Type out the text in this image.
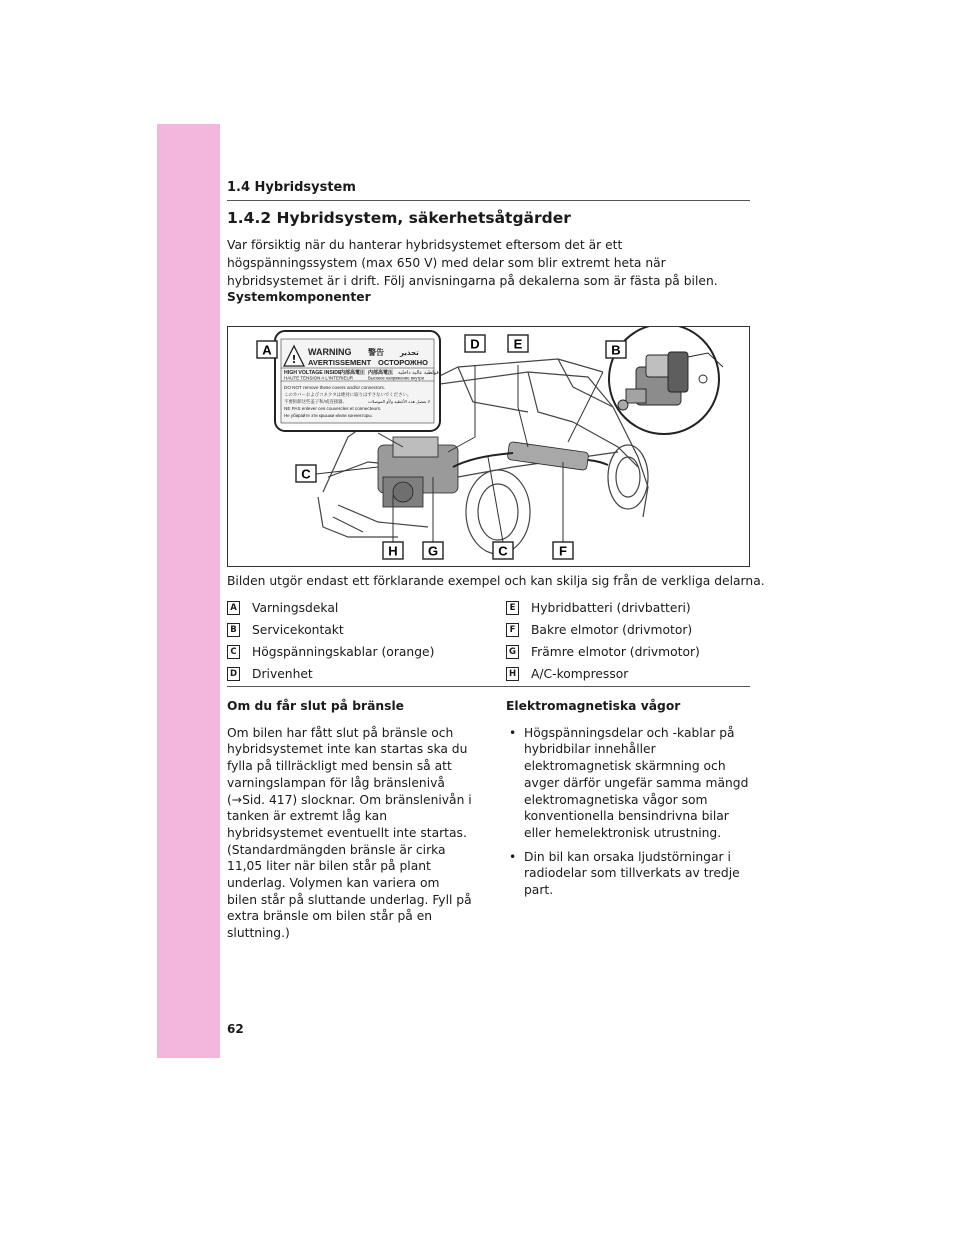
1.4 Hybridsystem
1.4.2 Hybridsystem, säkerhetsåtgärder

Var försiktig när du hanterar hybridsystemet eftersom det är ett högspänningssystem (max 650 V) med delar som blir extremt heta när hybridsystemet är i drift. Följ anvisningarna på dekalerna som är fästa på bilen.

Systemkomponenter
!
WARNING 警告 تحذير
AVERTISSEMENT ОСТОРОЖНО
HIGH VOLTAGE INSIDE
内部高電圧 内部高電压 فولطية عالية داخلية
HAUTE TENSION A L'INTERIEUR	Высокое напряжение внутри
DO NOT remove these covers and/or connectors.
このカバーおよびコネクタは絶対に取りはずさないでください。
不要拆卸这些盖子和/或连接器。	لا تفصل هذه الأغطية و/أو الموصلات
NE PAS enlever ces couvercles et connecteurs.
Не убирайте эти крышки и/или коннекторы.
A	B
C
D	E
H G	C	F
Bilden utgör endast ett förklarande exempel och kan skilja sig från de verkliga delarna.
A Varningsdekal
B Servicekontakt
C Högspänningskablar (orange)
D Drivenhet
E Hybridbatteri (drivbatteri)
F Bakre elmotor (drivmotor)
G Främre elmotor (drivmotor)
H A/C-kompressor
Om du får slut på bränsle

Om bilen har fått slut på bränsle och hybridsystemet inte kan startas ska du fylla på tillräckligt med bensin så att varningslampan för låg bränslenivå (→Sid. 417) slocknar. Om bränslenivån i tanken är extremt låg kan hybridsystemet eventuellt inte startas. (Standardmängden bränsle är cirka 11,05 liter när bilen står på plant underlag. Volymen kan variera om bilen står på sluttande underlag. Fyll på extra bränsle om bilen står på en sluttning.)

Elektromagnetiska vågor
• Högspänningsdelar och -kablar på hybridbilar innehåller elektromagnetisk skärmning och avger därför ungefär samma mängd elektromagnetiska vågor som konventionella bensindrivna bilar eller hemelektronisk utrustning.
• Din bil kan orsaka ljudstörningar i radiodelar som tillverkats av tredje part.
62
